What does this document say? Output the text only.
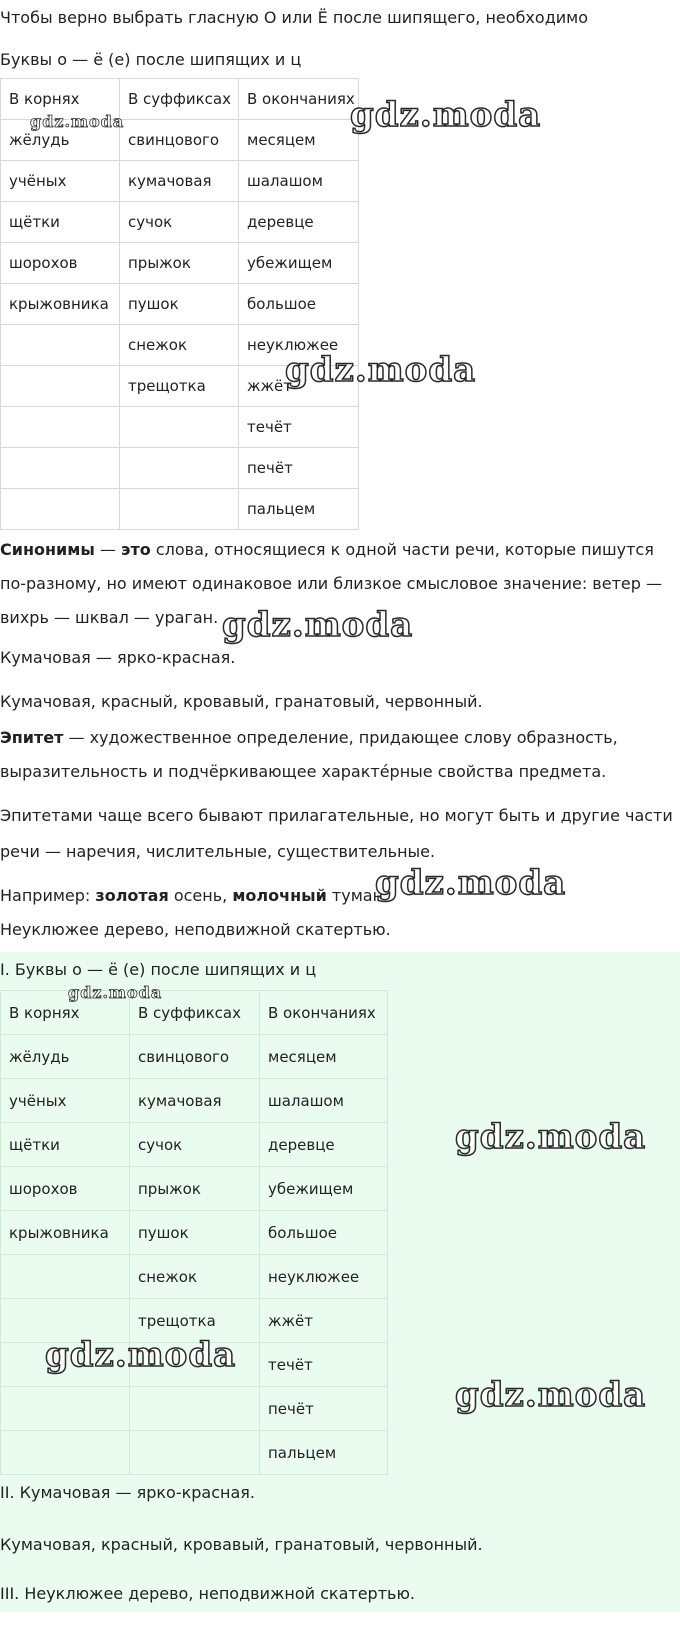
Чтобы верно выбрать гласную О или Ё после шипящего, необходимо
Буквы о — ё (е) после шипящих и ц
В корнях	В суффиксах	В окончаниях
жёлудь	свинцового	месяцем
учёных	кумачовая	шалашом
щётки	сучок	деревце
шорохов	прыжок	убежищем
крыжовника	пушок	большое
	снежок	неуклюжее
	трещотка	жжёт
		течёт
		печёт
		пальцем
Синонимы — это слова, относящиеся к одной части речи, которые пишутся
по-разному, но имеют одинаковое или близкое смысловое значение: ветер —
вихрь — шквал — ураган.
Кумачовая — ярко-красная.
Кумачовая, красный, кровавый, гранатовый, червонный.
Эпитет — художественное определение, придающее слову образность,
выразительность и подчёркивающее характéрные свойства предмета.
Эпитетами чаще всего бывают прилагательные, но могут быть и другие части
речи — наречия, числительные, существительные.
Например: золотая осень, молочный туман.
Неуклюжее дерево, неподвижной скатертью.
I. Буквы о — ё (е) после шипящих и ц
В корнях	В суффиксах	В окончаниях
жёлудь	свинцового	месяцем
учёных	кумачовая	шалашом
щётки	сучок	деревце
шорохов	прыжок	убежищем
крыжовника	пушок	большое
	снежок	неуклюжее
	трещотка	жжёт
		течёт
		печёт
		пальцем
II. Кумачовая — ярко-красная.
Кумачовая, красный, кровавый, гранатовый, червонный.
III. Неуклюжее дерево, неподвижной скатертью.
gdz.moda
gdz.moda
gdz.moda
gdz.moda
gdz.moda
gdz.moda
gdz.moda
gdz.moda
gdz.moda
